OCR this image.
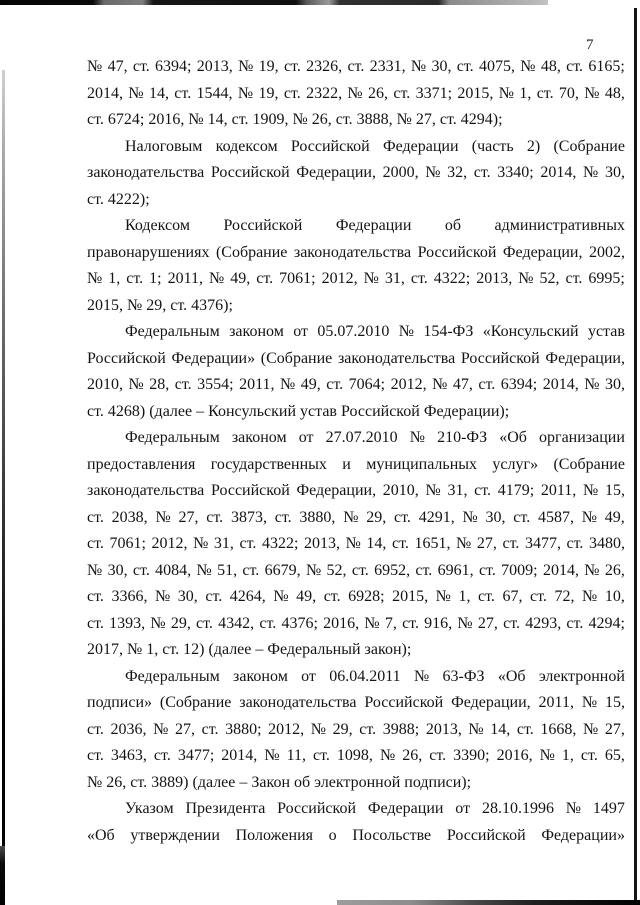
7
№ 47, ст. 6394; 2013, № 19, ст. 2326, ст. 2331, № 30, ст. 4075, № 48, ст. 6165;
2014, № 14, ст. 1544, № 19, ст. 2322, № 26, ст. 3371; 2015, № 1, ст. 70, № 48,
ст. 6724; 2016, № 14, ст. 1909, № 26, ст. 3888, № 27, ст. 4294);
Налоговым кодексом Российской Федерации (часть 2) (Собрание
законодательства Российской Федерации, 2000, № 32, ст. 3340; 2014, № 30,
ст. 4222);
Кодексом Российской Федерации об административных
правонарушениях (Собрание законодательства Российской Федерации, 2002,
№ 1, ст. 1; 2011, № 49, ст. 7061; 2012, № 31, ст. 4322; 2013, № 52, ст. 6995;
2015, № 29, ст. 4376);
Федеральным законом от 05.07.2010 № 154-ФЗ «Консульский устав
Российской Федерации» (Собрание законодательства Российской Федерации,
2010, № 28, ст. 3554; 2011, № 49, ст. 7064; 2012, № 47, ст. 6394; 2014, № 30,
ст. 4268) (далее – Консульский устав Российской Федерации);
Федеральным законом от 27.07.2010 № 210-ФЗ «Об организации
предоставления государственных и муниципальных услуг» (Собрание
законодательства Российской Федерации, 2010, № 31, ст. 4179; 2011, № 15,
ст. 2038, № 27, ст. 3873, ст. 3880, № 29, ст. 4291, № 30, ст. 4587, № 49,
ст. 7061; 2012, № 31, ст. 4322; 2013, № 14, ст. 1651, № 27, ст. 3477, ст. 3480,
№ 30, ст. 4084, № 51, ст. 6679, № 52, ст. 6952, ст. 6961, ст. 7009; 2014, № 26,
ст. 3366, № 30, ст. 4264, № 49, ст. 6928; 2015, № 1, ст. 67, ст. 72, № 10,
ст. 1393, № 29, ст. 4342, ст. 4376; 2016, № 7, ст. 916, № 27, ст. 4293, ст. 4294;
2017, № 1, ст. 12) (далее – Федеральный закон);
Федеральным законом от 06.04.2011 № 63-ФЗ «Об электронной
подписи» (Собрание законодательства Российской Федерации, 2011, № 15,
ст. 2036, № 27, ст. 3880; 2012, № 29, ст. 3988; 2013, № 14, ст. 1668, № 27,
ст. 3463, ст. 3477; 2014, № 11, ст. 1098, № 26, ст. 3390; 2016, № 1, ст. 65,
№ 26, ст. 3889) (далее – Закон об электронной подписи);
Указом Президента Российской Федерации от 28.10.1996 № 1497
«Об утверждении Положения о Посольстве Российской Федерации»
